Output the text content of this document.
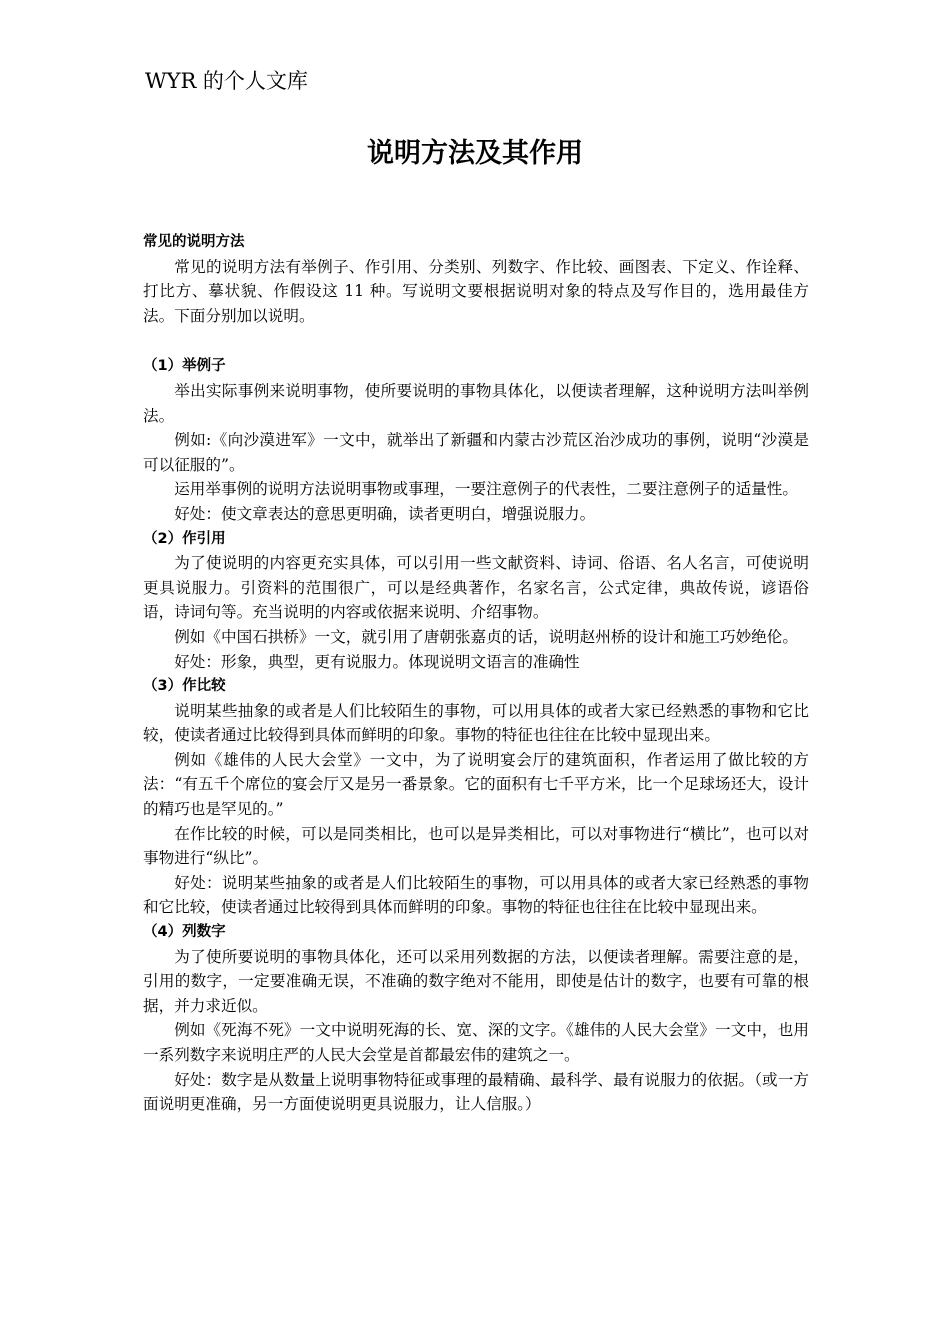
WYR 的个人文库
说明方法及其作用
常见的说明方法

常见的说明方法有举例子、作引用、分类别、列数字、作比较、画图表、下定义、作诠释、打比方、摹状貌、作假设这 11 种。写说明文要根据说明对象的特点及写作目的，选用最佳方法。下面分别加以说明。

（1）举例子

举出实际事例来说明事物，使所要说明的事物具体化，以便读者理解，这种说明方法叫举例法。

例如:《向沙漠进军》一文中，就举出了新疆和内蒙古沙荒区治沙成功的事例，说明“沙漠是可以征服的”。

运用举事例的说明方法说明事物或事理，一要注意例子的代表性，二要注意例子的适量性。

好处：使文章表达的意思更明确，读者更明白，增强说服力。

（2）作引用

为了使说明的内容更充实具体，可以引用一些文献资料、诗词、俗语、名人名言，可使说明更具说服力。引资料的范围很广，可以是经典著作，名家名言，公式定律，典故传说，谚语俗语，诗词句等。充当说明的内容或依据来说明、介绍事物。

例如《中国石拱桥》一文，就引用了唐朝张嘉贞的话，说明赵州桥的设计和施工巧妙绝伦。

好处：形象，典型，更有说服力。体现说明文语言的准确性

（3）作比较

说明某些抽象的或者是人们比较陌生的事物，可以用具体的或者大家已经熟悉的事物和它比较，使读者通过比较得到具体而鲜明的印象。事物的特征也往往在比较中显现出来。

例如《雄伟的人民大会堂》一文中，为了说明宴会厅的建筑面积，作者运用了做比较的方法：“有五千个席位的宴会厅又是另一番景象。它的面积有七千平方米，比一个足球场还大，设计的精巧也是罕见的。”

在作比较的时候，可以是同类相比，也可以是异类相比，可以对事物进行“横比”，也可以对事物进行“纵比”。

好处：说明某些抽象的或者是人们比较陌生的事物，可以用具体的或者大家已经熟悉的事物和它比较，使读者通过比较得到具体而鲜明的印象。事物的特征也往往在比较中显现出来。

（4）列数字

为了使所要说明的事物具体化，还可以采用列数据的方法，以便读者理解。需要注意的是，引用的数字，一定要准确无误，不准确的数字绝对不能用，即使是估计的数字，也要有可靠的根据，并力求近似。

例如《死海不死》一文中说明死海的长、宽、深的文字。《雄伟的人民大会堂》一文中，也用一系列数字来说明庄严的人民大会堂是首都最宏伟的建筑之一。

好处：数字是从数量上说明事物特征或事理的最精确、最科学、最有说服力的依据。（或一方面说明更准确，另一方面使说明更具说服力，让人信服。）
